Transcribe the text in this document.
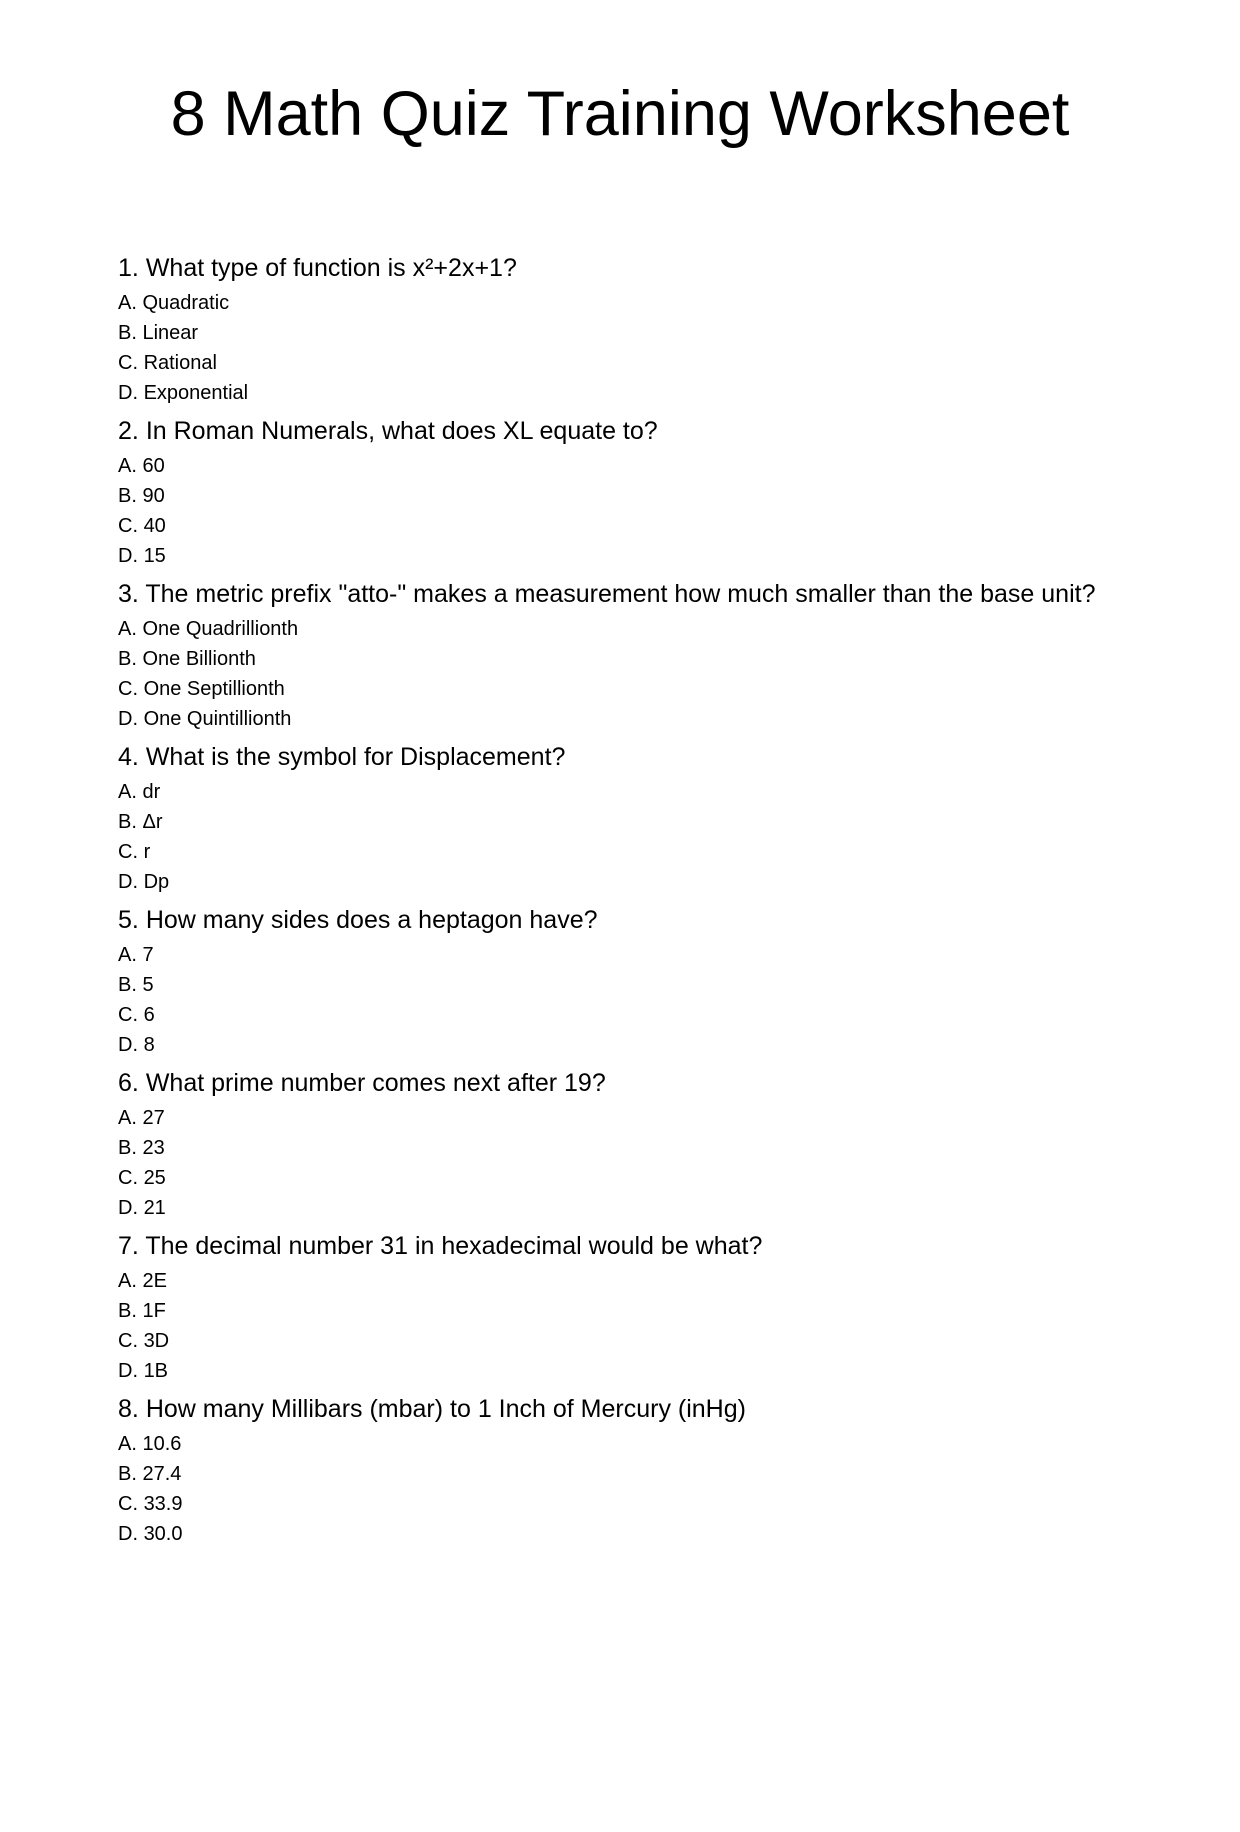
8 Math Quiz Training Worksheet
1. What type of function is x²+2x+1?
A. Quadratic
B. Linear
C. Rational
D. Exponential
2. In Roman Numerals, what does XL equate to?
A. 60
B. 90
C. 40
D. 15
3. The metric prefix "atto-" makes a measurement how much smaller than the base unit?
A. One Quadrillionth
B. One Billionth
C. One Septillionth
D. One Quintillionth
4. What is the symbol for Displacement?
A. dr
B. Δr
C. r
D. Dp
5. How many sides does a heptagon have?
A. 7
B. 5
C. 6
D. 8
6. What prime number comes next after 19?
A. 27
B. 23
C. 25
D. 21
7. The decimal number 31 in hexadecimal would be what?
A. 2E
B. 1F
C. 3D
D. 1B
8. How many Millibars (mbar) to 1 Inch of Mercury (inHg)
A. 10.6
B. 27.4
C. 33.9
D. 30.0
